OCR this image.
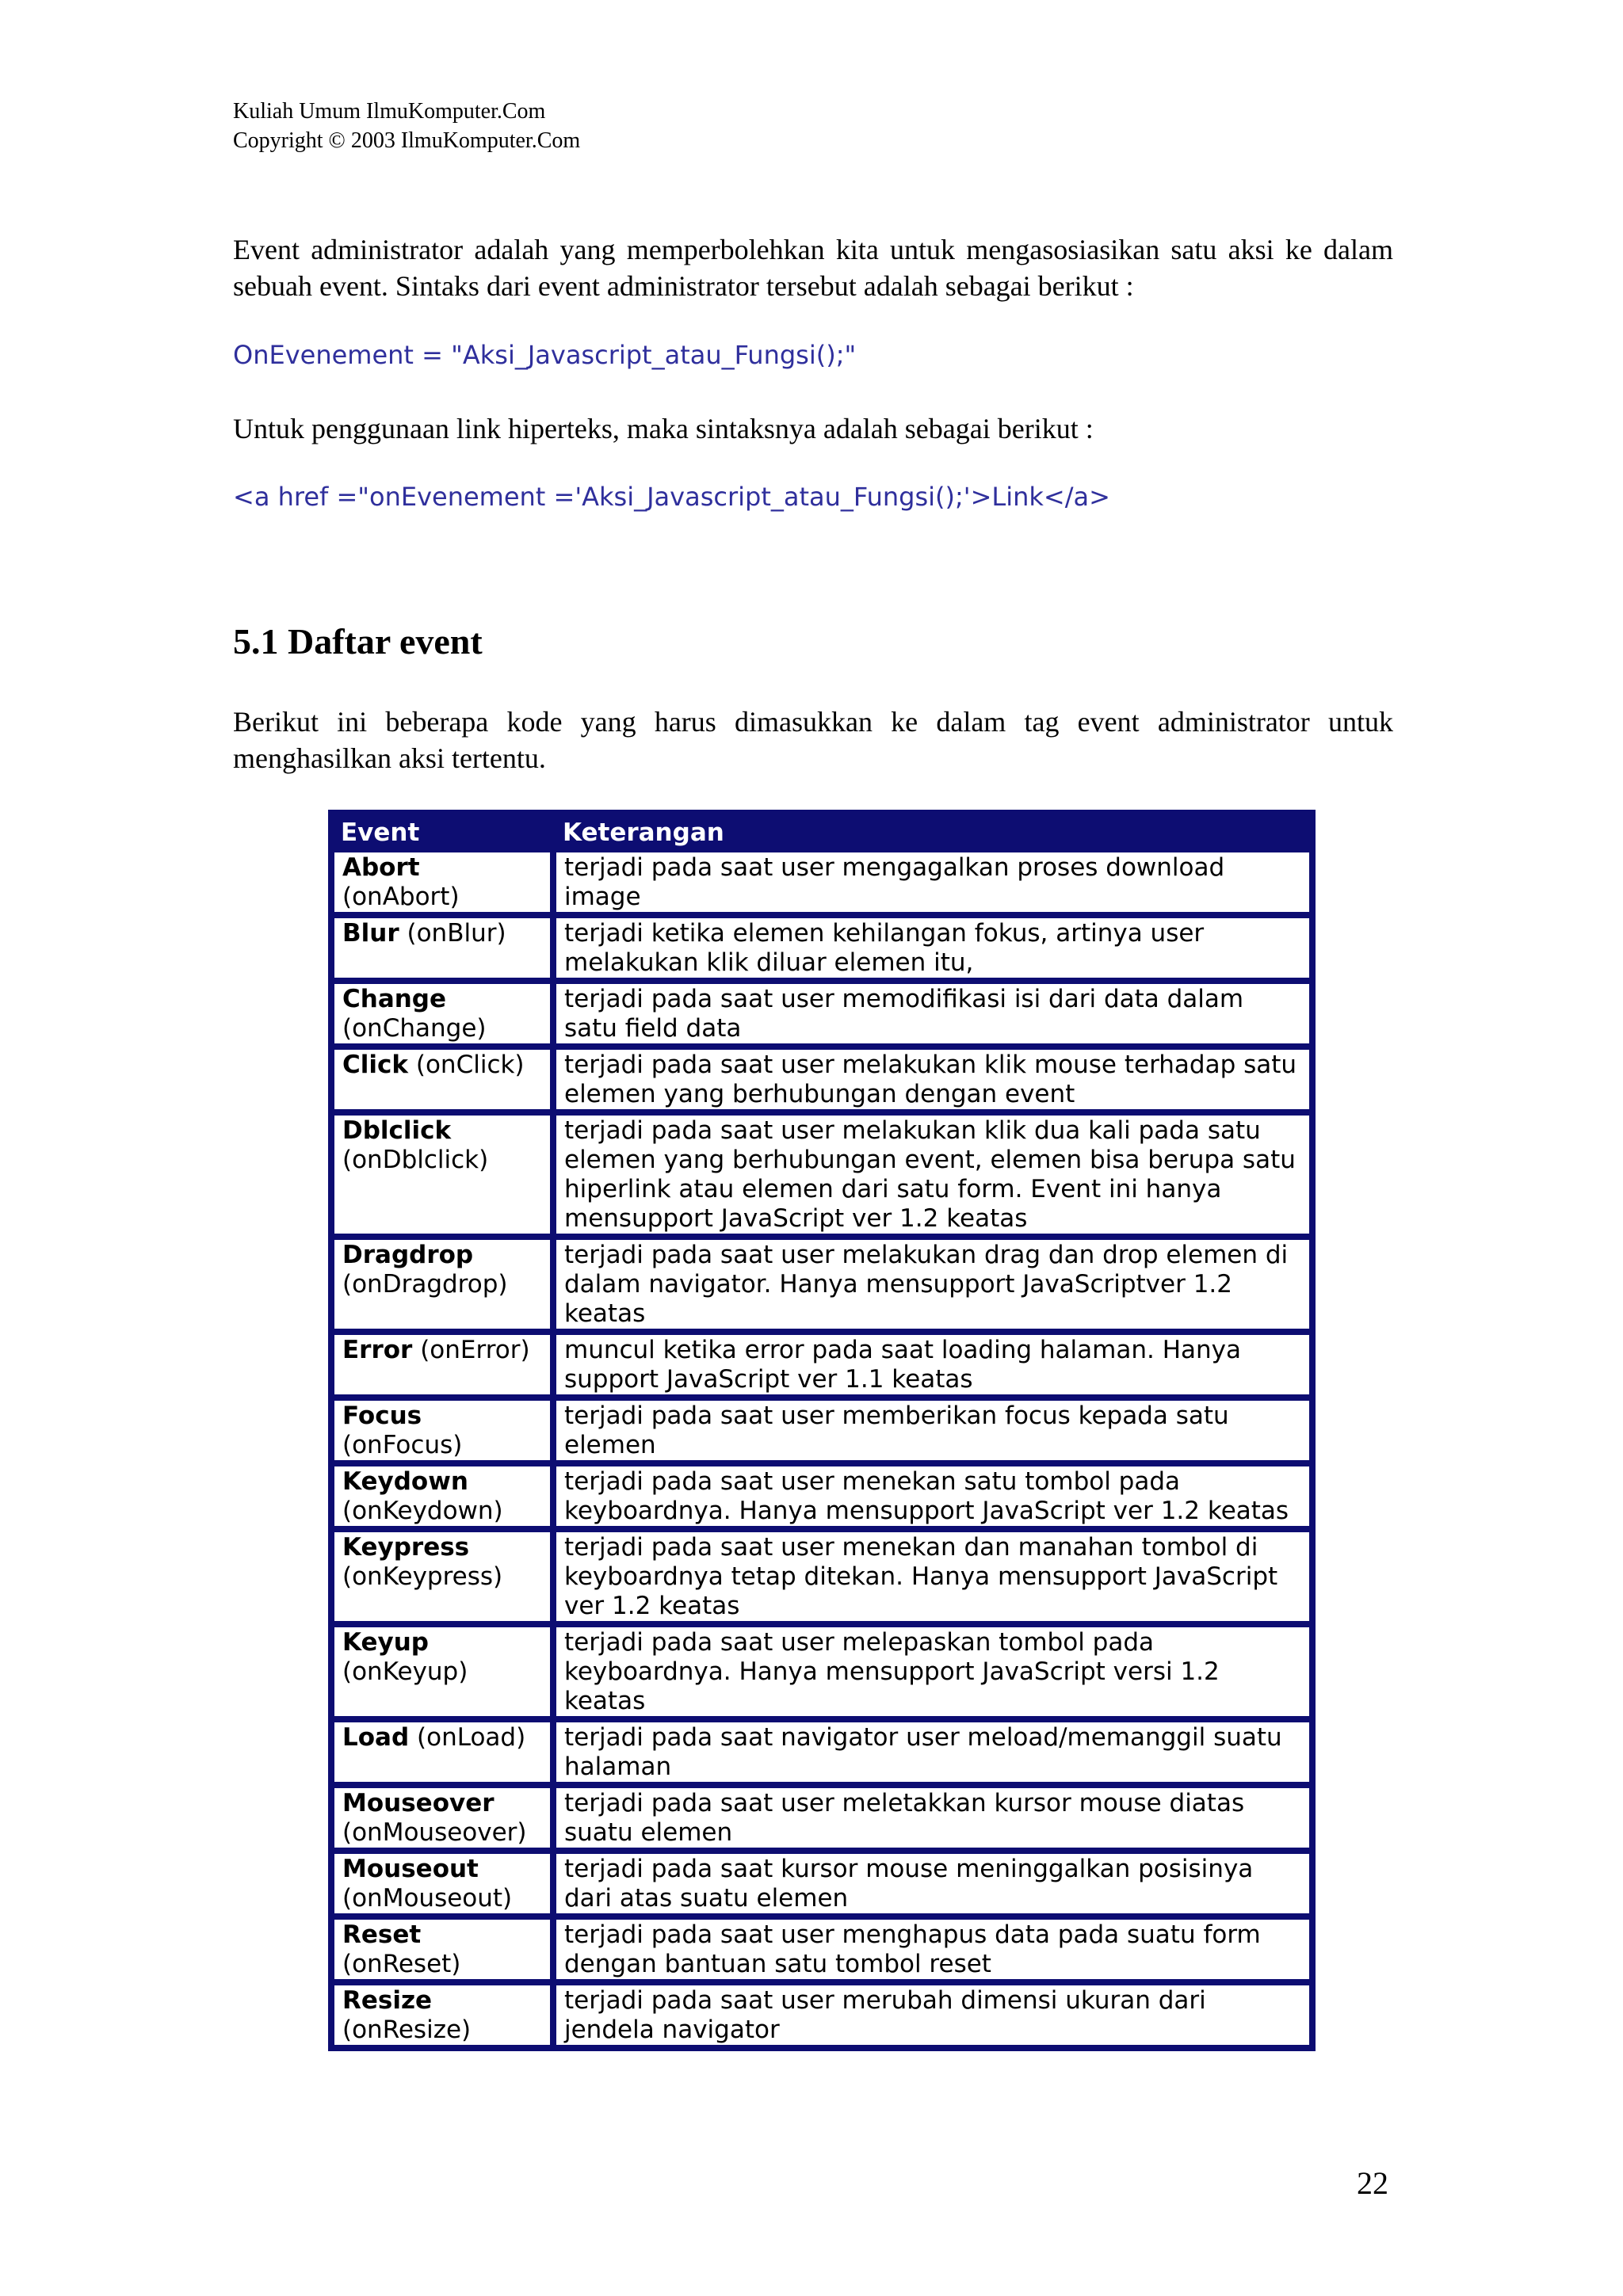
Kuliah Umum IlmuKomputer.Com
Copyright © 2003 IlmuKomputer.Com
Event administrator adalah yang memperbolehkan kita untuk mengasosiasikan satu aksi ke dalam sebuah event. Sintaks dari event administrator tersebut adalah sebagai berikut :
OnEvenement = "Aksi_Javascript_atau_Fungsi();"
Untuk penggunaan link hiperteks, maka sintaksnya adalah sebagai berikut :
<a href ="onEvenement ='Aksi_Javascript_atau_Fungsi();'>Link</a>
5.1 Daftar event
Berikut ini beberapa kode yang harus dimasukkan ke dalam tag event administrator untuk menghasilkan aksi tertentu.
Event	Keterangan
Abort (onAbort)	terjadi pada saat user mengagalkan proses download image
Blur (onBlur)	terjadi ketika elemen kehilangan fokus, artinya user melakukan klik diluar elemen itu,
Change (onChange)	terjadi pada saat user memodifikasi isi dari data dalam satu field data
Click (onClick)	terjadi pada saat user melakukan klik mouse terhadap satu elemen yang berhubungan dengan event
Dblclick (onDblclick)	terjadi pada saat user melakukan klik dua kali pada satu elemen yang berhubungan event, elemen bisa berupa satu hiperlink atau elemen dari satu form. Event ini hanya mensupport JavaScript ver 1.2 keatas
Dragdrop (onDragdrop)	terjadi pada saat user melakukan drag dan drop elemen di dalam navigator. Hanya mensupport JavaScriptver 1.2 keatas
Error (onError)	muncul ketika error pada saat loading halaman. Hanya support JavaScript ver 1.1 keatas
Focus (onFocus)	terjadi pada saat user memberikan focus kepada satu elemen
Keydown (onKeydown)	terjadi pada saat user menekan satu tombol pada keyboardnya. Hanya mensupport JavaScript ver 1.2 keatas
Keypress (onKeypress)	terjadi pada saat user menekan dan manahan tombol di keyboardnya tetap ditekan. Hanya mensupport JavaScript ver 1.2 keatas
Keyup (onKeyup)	terjadi pada saat user melepaskan tombol pada keyboardnya. Hanya mensupport JavaScript versi 1.2 keatas
Load (onLoad)	terjadi pada saat navigator user meload/memanggil suatu halaman
Mouseover (onMouseover)	terjadi pada saat user meletakkan kursor mouse diatas suatu elemen
Mouseout (onMouseout)	terjadi pada saat kursor mouse meninggalkan posisinya dari atas suatu elemen
Reset (onReset)	terjadi pada saat user menghapus data pada suatu form dengan bantuan satu tombol reset
Resize (onResize)	terjadi pada saat user merubah dimensi ukuran dari jendela navigator
22
